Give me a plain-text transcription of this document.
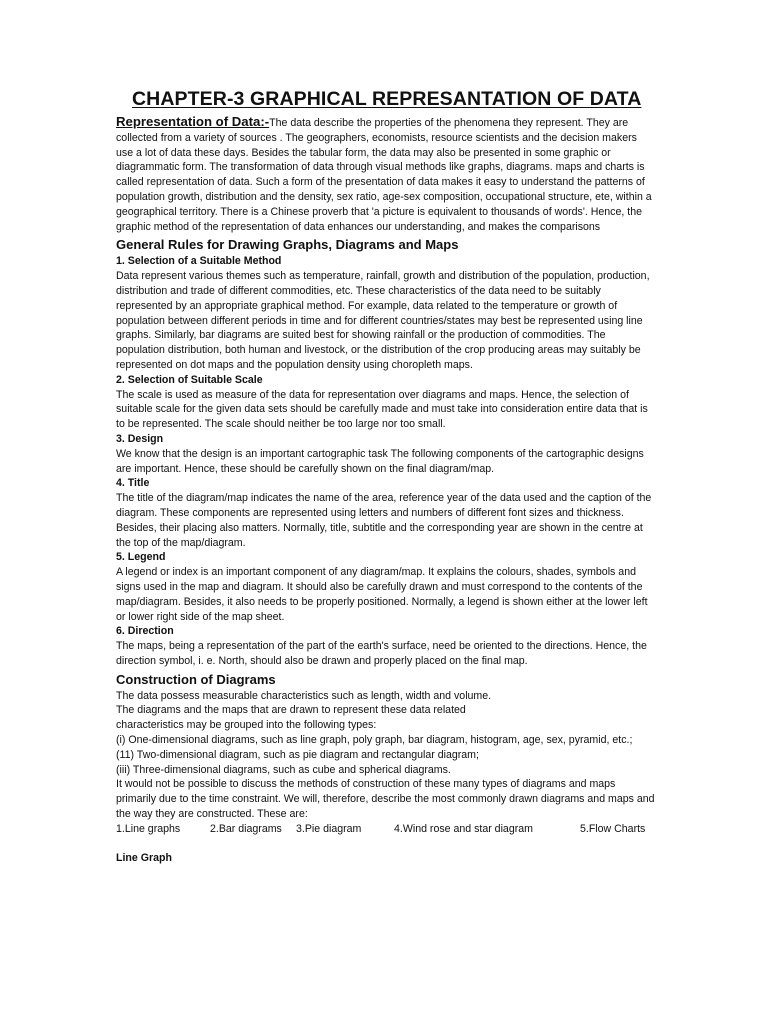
CHAPTER-3 GRAPHICAL REPRESANTATION OF DATA

Representation of Data:-The data describe the properties of the phenomena they represent. They are collected from a variety of sources . The geographers, economists, resource scientists and the decision makers use a lot of data these days. Besides the tabular form, the data may also be presented in some graphic or diagrammatic form. The transformation of data through visual methods like graphs, diagrams. maps and charts is called representation of data. Such a form of the presentation of data makes it easy to understand the patterns of population growth, distribution and the density, sex ratio, age-sex composition, occupational structure, ete, within a geographical territory. There is a Chinese proverb that 'a picture is equivalent to thousands of words'. Hence, the graphic method of the representation of data enhances our understanding, and makes the comparisons

General Rules for Drawing Graphs, Diagrams and Maps
1. Selection of a Suitable Method

Data represent various themes such as temperature, rainfall, growth and distribution of the population, production, distribution and trade of different commodities, etc. These characteristics of the data need to be suitably represented by an appropriate graphical method. For example, data related to the temperature or growth of population between different periods in time and for different countries/states may best be represented using line graphs. Similarly, bar diagrams are suited best for showing rainfall or the production of commodities. The population distribution, both human and livestock, or the distribution of the crop producing areas may suitably be represented on dot maps and the population density using choropleth maps.

2. Selection of Suitable Scale

The scale is used as measure of the data for representation over diagrams and maps. Hence, the selection of suitable scale for the given data sets should be carefully made and must take into consideration entire data that is to be represented. The scale should neither be too large nor too small.

3. Design

We know that the design is an important cartographic task The following components of the cartographic designs are important. Hence, these should be carefully shown on the final diagram/map.

4. Title

The title of the diagram/map indicates the name of the area, reference year of the data used and the caption of the diagram. These components are represented using letters and numbers of different font sizes and thickness. Besides, their placing also matters. Normally, title, subtitle and the corresponding year are shown in the centre at the top of the map/diagram.

5. Legend

A legend or index is an important component of any diagram/map. It explains the colours, shades, symbols and signs used in the map and diagram. It should also be carefully drawn and must correspond to the contents of the map/diagram. Besides, it also needs to be properly positioned. Normally, a legend is shown either at the lower left or lower right side of the map sheet.

6. Direction

The maps, being a representation of the part of the earth's surface, need be oriented to the directions. Hence, the direction symbol, i. e. North, should also be drawn and properly placed on the final map.

Construction of Diagrams

The data possess measurable characteristics such as length, width and volume.

The diagrams and the maps that are drawn to represent these data related

characteristics may be grouped into the following types:

(i) One-dimensional diagrams, such as line graph, poly graph, bar diagram, histogram, age, sex, pyramid, etc.;

(11) Two-dimensional diagram, such as pie diagram and rectangular diagram;

(iii) Three-dimensional diagrams, such as cube and spherical diagrams.

It would not be possible to discuss the methods of construction of these many types of diagrams and maps primarily due to the time constraint. We will, therefore, describe the most commonly drawn diagrams and maps and the way they are constructed. These are:

1.Line graphs	2.Bar diagrams	3.Pie diagram	4.Wind rose and star diagram	5.Flow Charts
Line Graph
